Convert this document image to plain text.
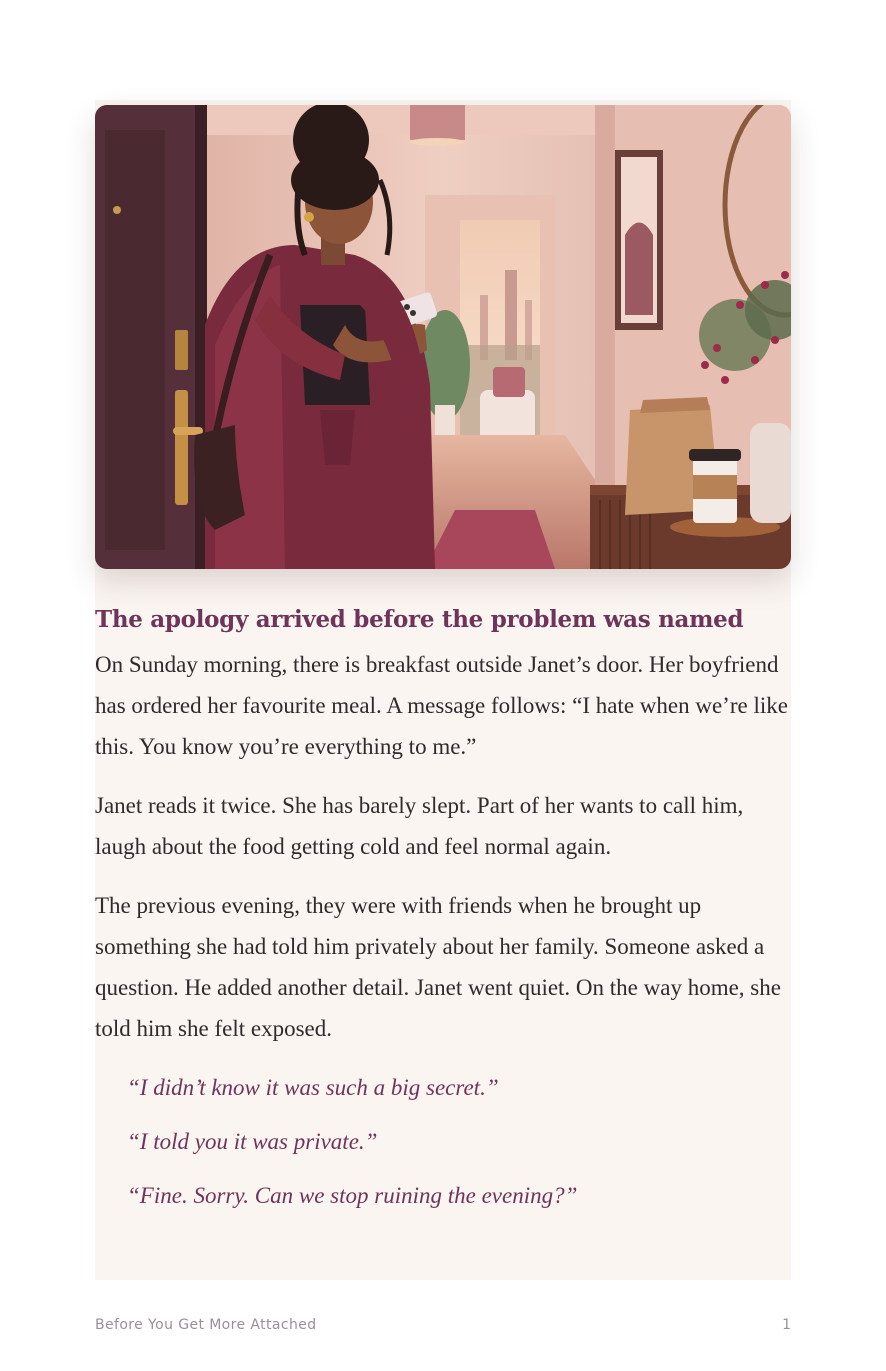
The apology arrived before the problem was named

On Sunday morning, there is breakfast outside Janet’s door. Her boyfriend has ordered her favourite meal. A message follows: “I hate when we’re like this. You know you’re everything to me.”

Janet reads it twice. She has barely slept. Part of her wants to call him, laugh about the food getting cold and feel normal again.

The previous evening, they were with friends when he brought up something she had told him privately about her family. Someone asked a question. He added another detail. Janet went quiet. On the way home, she told him she felt exposed.

“I didn’t know it was such a big secret.”

“I told you it was private.”

“Fine. Sorry. Can we stop ruining the evening?”

Before You Get More Attached	1
